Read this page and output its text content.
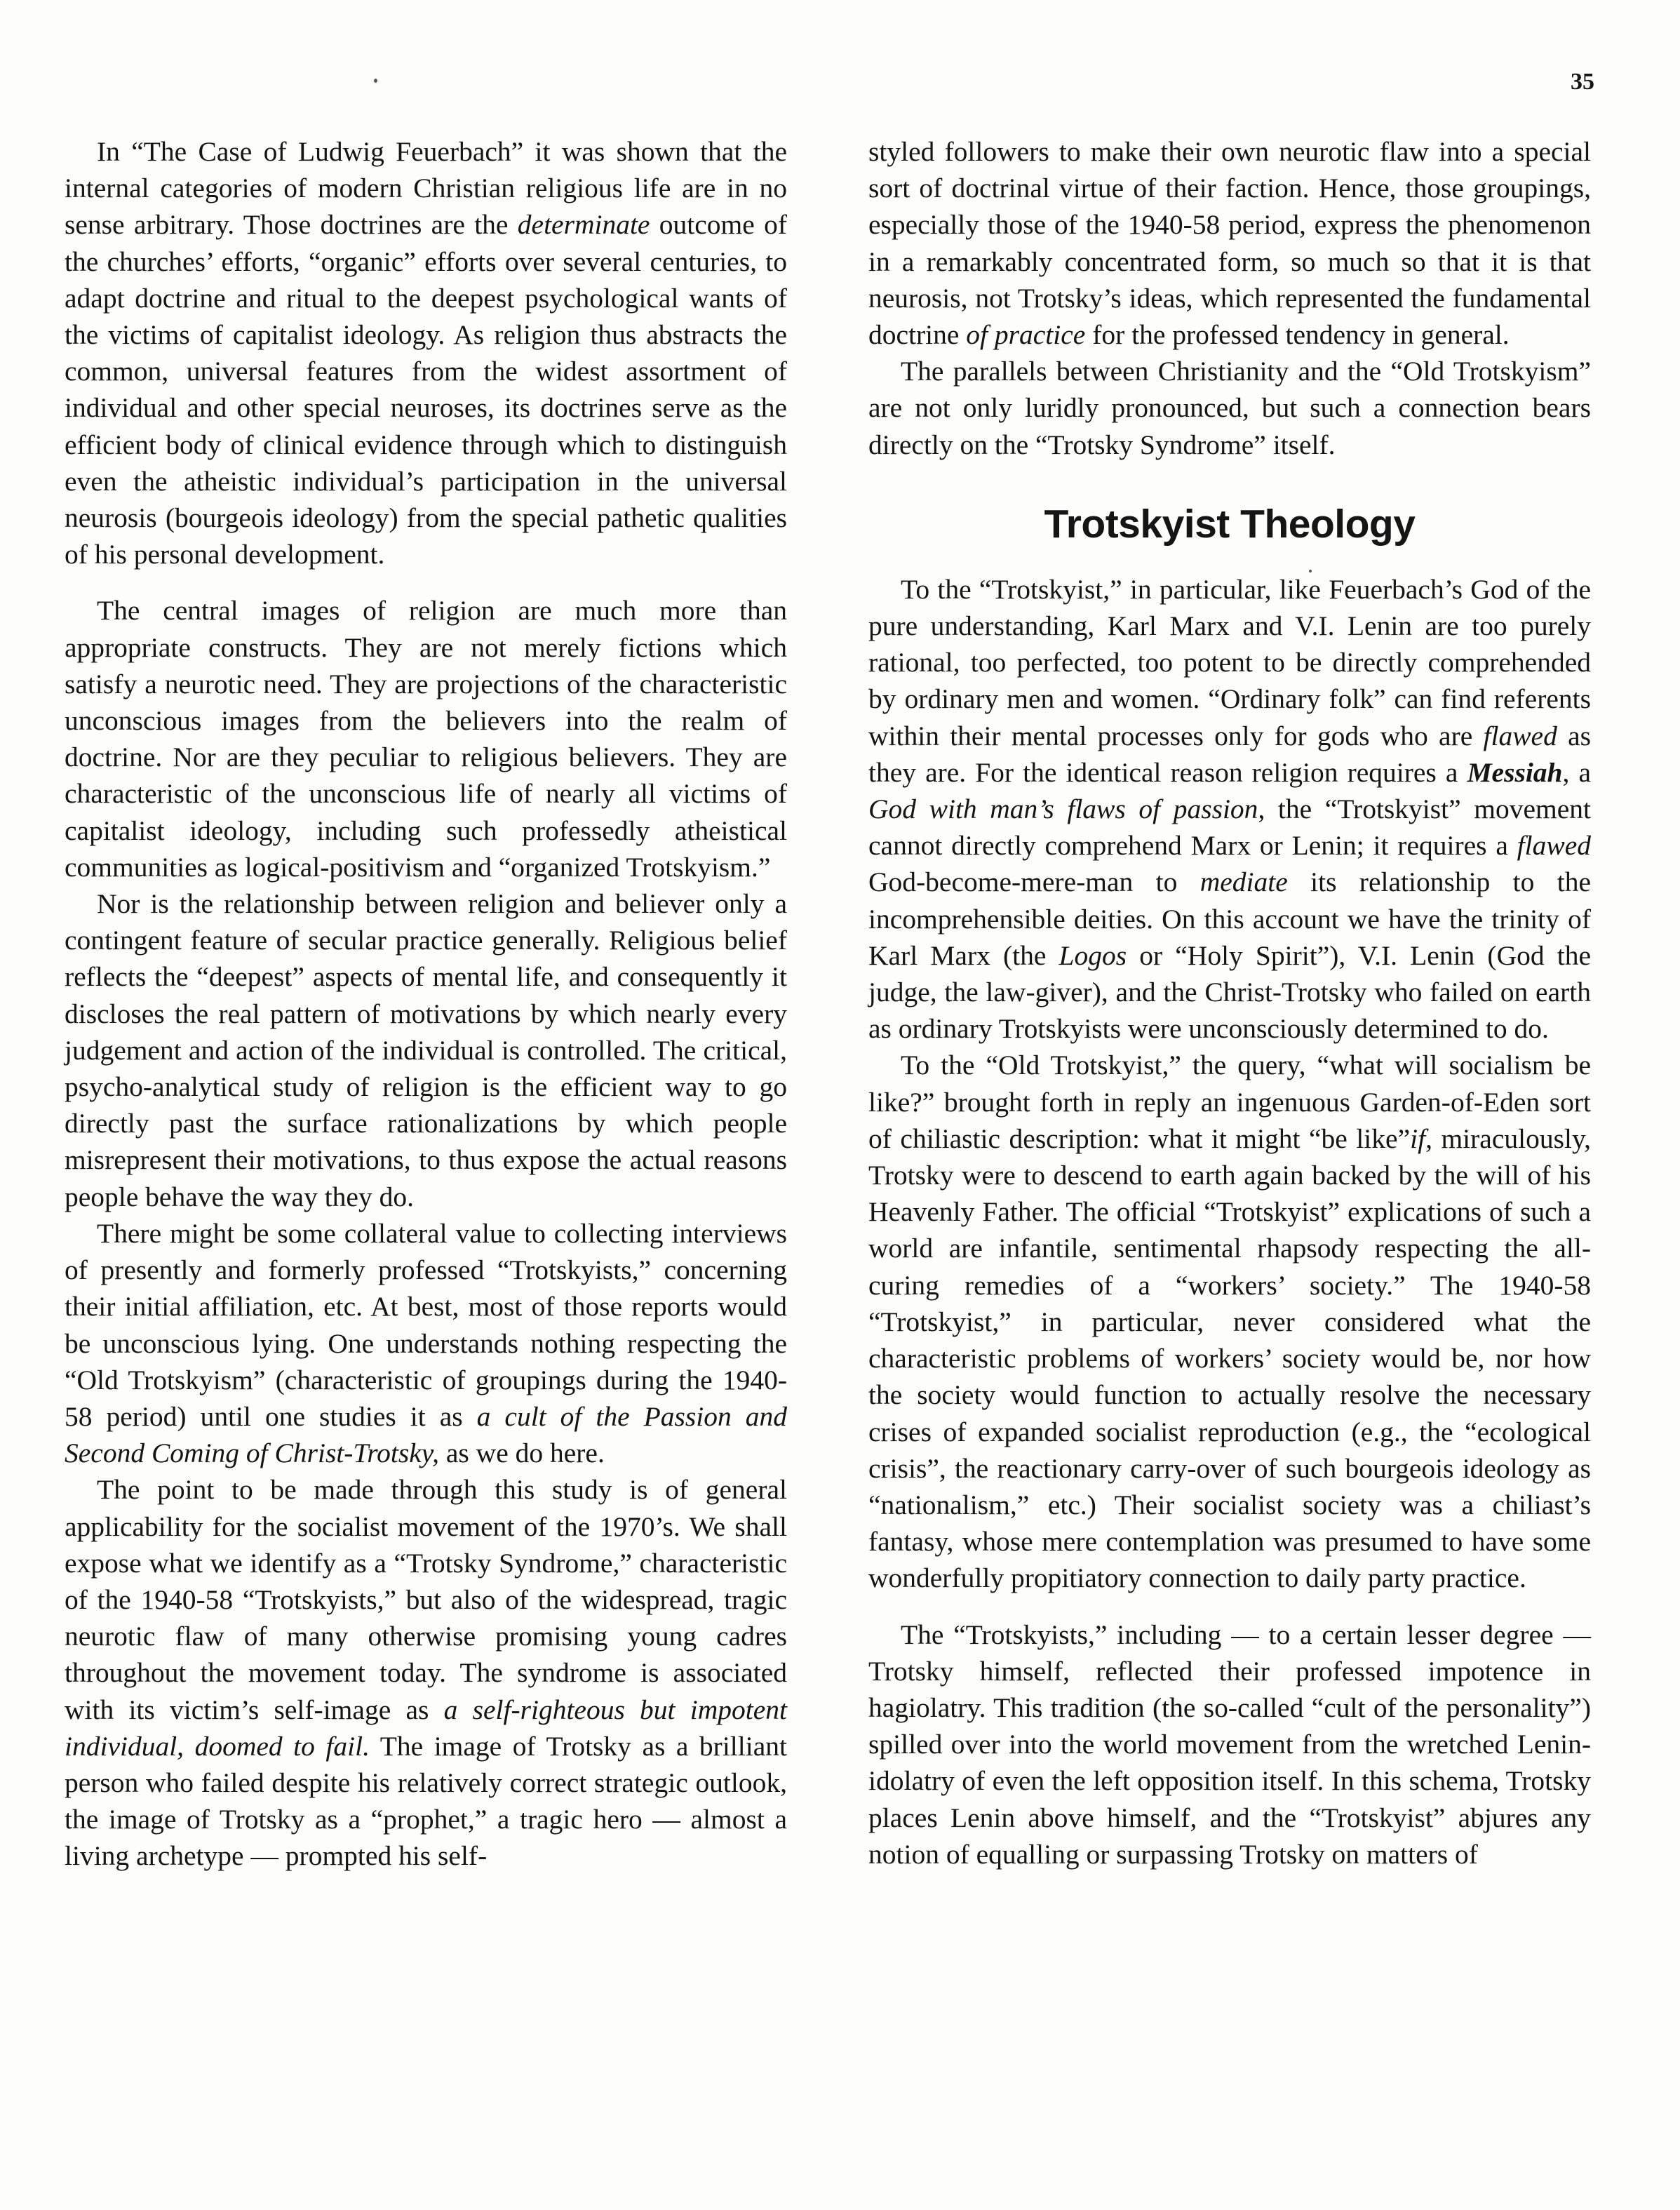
35

In “The Case of Ludwig Feuerbach” it was shown that the internal categories of modern Christian religious life are in no sense arbitrary. Those doctrines are the determinate outcome of the churches’ efforts, “organic” efforts over several centuries, to adapt doctrine and ritual to the deepest psychological wants of the victims of capitalist ideology. As religion thus abstracts the common, universal features from the widest assortment of individual and other special neuroses, its doctrines serve as the efficient body of clinical evidence through which to distinguish even the atheistic individual’s participation in the universal neurosis (bourgeois ideology) from the special pathetic qualities of his personal development.

The central images of religion are much more than appropriate constructs. They are not merely fictions which satisfy a neurotic need. They are projections of the characteristic unconscious images from the believers into the realm of doctrine. Nor are they peculiar to religious believers. They are characteristic of the unconscious life of nearly all victims of capitalist ideology, including such professedly atheistical communities as logical-positivism and “organized Trotskyism.”

Nor is the relationship between religion and believer only a contingent feature of secular practice generally. Religious belief reflects the “deepest” aspects of mental life, and consequently it discloses the real pattern of motivations by which nearly every judgement and action of the individual is controlled. The critical, psycho-analytical study of religion is the efficient way to go directly past the surface rationalizations by which people misrepresent their motivations, to thus expose the actual reasons people behave the way they do.

There might be some collateral value to collecting interviews of presently and formerly professed “Trotskyists,” concerning their initial affiliation, etc. At best, most of those reports would be unconscious lying. One understands nothing respecting the “Old Trotskyism” (characteristic of groupings during the 1940-58 period) until one studies it as a cult of the Passion and Second Coming of Christ-Trotsky, as we do here.

The point to be made through this study is of general applicability for the socialist movement of the 1970’s. We shall expose what we identify as a “Trotsky Syndrome,” characteristic of the 1940-58 “Trotskyists,” but also of the widespread, tragic neurotic flaw of many otherwise promising young cadres throughout the movement today. The syndrome is associated with its victim’s self-image as a self-righteous but impotent individual, doomed to fail. The image of Trotsky as a brilliant person who failed despite his relatively correct strategic outlook, the image of Trotsky as a “prophet,” a tragic hero — almost a living archetype — prompted his self-

styled followers to make their own neurotic flaw into a special sort of doctrinal virtue of their faction. Hence, those groupings, especially those of the 1940-58 period, express the phenomenon in a remarkably concentrated form, so much so that it is that neurosis, not Trotsky’s ideas, which represented the fundamental doctrine of practice for the professed tendency in general.

The parallels between Christianity and the “Old Trotskyism” are not only luridly pronounced, but such a connection bears directly on the “Trotsky Syndrome” itself.

Trotskyist Theology

To the “Trotskyist,” in particular, like Feuerbach’s God of the pure understanding, Karl Marx and V.I. Lenin are too purely rational, too perfected, too potent to be directly comprehended by ordinary men and women. “Ordinary folk” can find referents within their mental processes only for gods who are flawed as they are. For the identical reason religion requires a Messiah, a God with man’s flaws of passion, the “Trotskyist” movement cannot directly comprehend Marx or Lenin; it requires a flawed God-become-mere-man to mediate its relationship to the incomprehensible deities. On this account we have the trinity of Karl Marx (the Logos or “Holy Spirit”), V.I. Lenin (God the judge, the law-giver), and the Christ-Trotsky who failed on earth as ordinary Trotskyists were unconsciously determined to do.

To the “Old Trotskyist,” the query, “what will socialism be like?” brought forth in reply an ingenuous Garden-of-Eden sort of chiliastic description: what it might “be like”if, miraculously, Trotsky were to descend to earth again backed by the will of his Heavenly Father. The official “Trotskyist” explications of such a world are infantile, sentimental rhapsody respecting the all-curing remedies of a “workers’ society.” The 1940-58 “Trotskyist,” in particular, never considered what the characteristic problems of workers’ society would be, nor how the society would function to actually resolve the necessary crises of expanded socialist reproduction (e.g., the “ecological crisis”, the reactionary carry-over of such bourgeois ideology as “nationalism,” etc.) Their socialist society was a chiliast’s fantasy, whose mere contemplation was presumed to have some wonderfully propitiatory connection to daily party practice.

The “Trotskyists,” including — to a certain lesser degree — Trotsky himself, reflected their professed impotence in hagiolatry. This tradition (the so-called “cult of the personality”) spilled over into the world movement from the wretched Lenin-idolatry of even the left opposition itself. In this schema, Trotsky places Lenin above himself, and the “Trotskyist” abjures any notion of equalling or surpassing Trotsky on matters of
